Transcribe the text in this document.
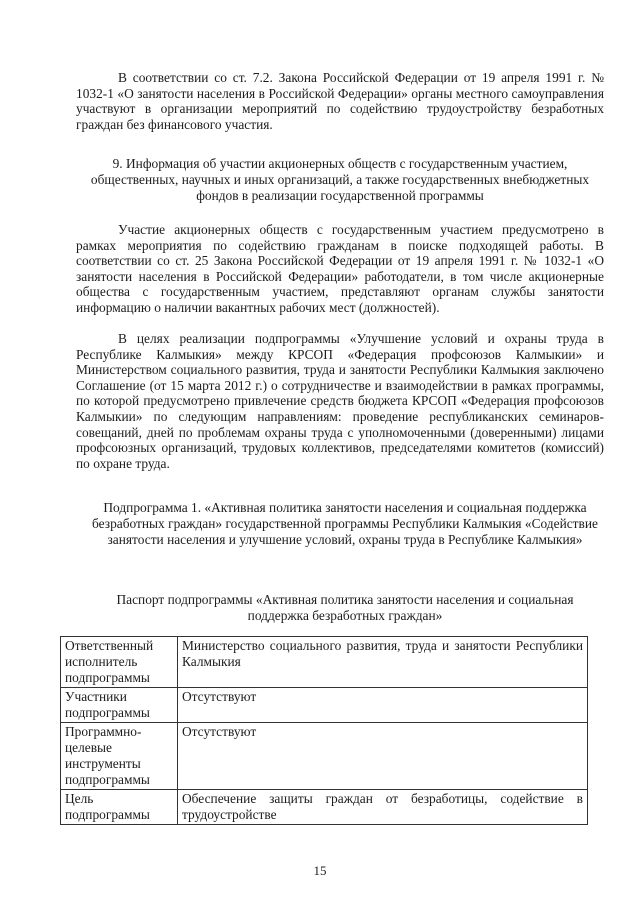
В соответствии со ст. 7.2. Закона Российской Федерации от 19 апреля 1991 г. № 1032-1 «О занятости населения в Российской Федерации» органы местного самоуправления участвуют в организации мероприятий по содействию трудоустройству безработных граждан без финансового участия.

9. Информация об участии акционерных обществ с государственным участием, общественных, научных и иных организаций, а также государственных внебюджетных фондов в реализации государственной программы

Участие акционерных обществ с государственным участием предусмотрено в рамках мероприятия по содействию гражданам в поиске подходящей работы. В соответствии со ст. 25 Закона Российской Федерации от 19 апреля 1991 г. № 1032-1 «О занятости населения в Российской Федерации» работодатели, в том числе акционерные общества с государственным участием, представляют органам службы занятости информацию о наличии вакантных рабочих мест (должностей).

В целях реализации подпрограммы «Улучшение условий и охраны труда в Республике Калмыкия» между КРСОП «Федерация профсоюзов Калмыкии» и Министерством социального развития, труда и занятости Республики Калмыкия заключено Соглашение (от 15 марта 2012 г.) о сотрудничестве и взаимодействии в рамках программы, по которой предусмотрено привлечение средств бюджета КРСОП «Федерация профсоюзов Калмыкии» по следующим направлениям: проведение республиканских семинаров-совещаний, дней по проблемам охраны труда с уполномоченными (доверенными) лицами профсоюзных организаций, трудовых коллективов, председателями комитетов (комиссий) по охране труда.

Подпрограмма 1. «Активная политика занятости населения и социальная поддержка безработных граждан» государственной программы Республики Калмыкия «Содействие занятости населения и улучшение условий, охраны труда в Республике Калмыкия»

Паспорт подпрограммы «Активная политика занятости населения и социальная поддержка безработных граждан»

Ответственный исполнитель подпрограммы	Министерство социального развития, труда и занятости Республики Калмыкия
Участники подпрограммы	Отсутствуют
Программно-целевые инструменты подпрограммы	Отсутствуют
Цель подпрограммы	Обеспечение защиты граждан от безработицы, содействие в трудоустройстве
15
